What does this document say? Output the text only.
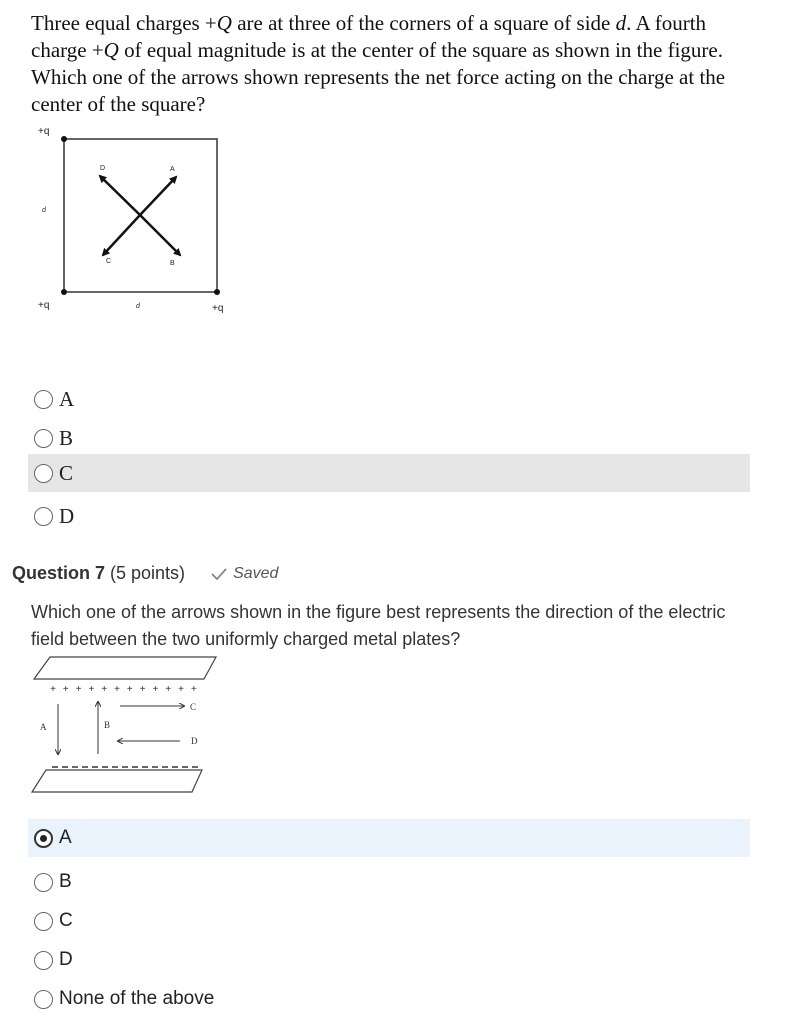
Three equal charges +Q are at three of the corners of a square of side d. A fourth charge +Q of equal magnitude is at the center of the square as shown in the figure. Which one of the arrows shown represents the net force acting on the charge at the center of the square?
+q
d
+q	d	+q
A
B
C
D
A
B
C
D
Question 7 (5 points)	Saved
Which one of the arrows shown in the figure best represents the direction of the electric field between the two uniformly charged metal plates?
+ + + + + + + + + + + +
A	B
C
D
A
B
C
D
None of the above
